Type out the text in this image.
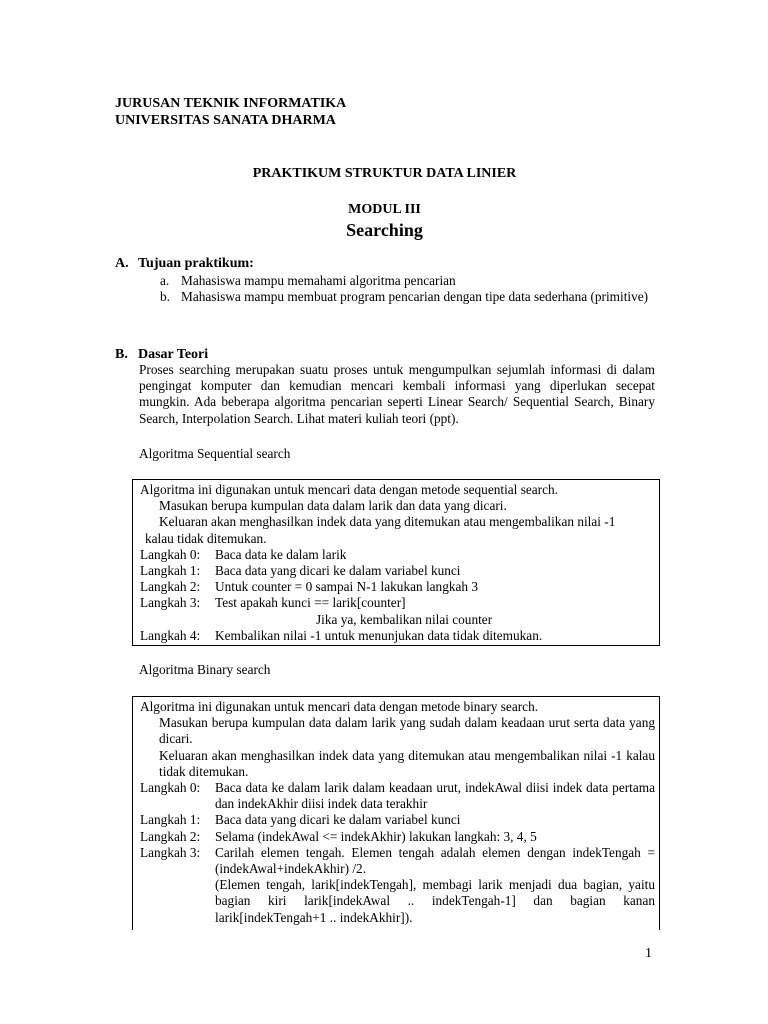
JURUSAN TEKNIK INFORMATIKA
UNIVERSITAS SANATA DHARMA
PRAKTIKUM STRUKTUR DATA LINIER
MODUL III
Searching
A. Tujuan praktikum:
a. Mahasiswa mampu memahami algoritma pencarian
b. Mahasiswa mampu membuat program pencarian dengan tipe data sederhana (primitive)
B. Dasar Teori
Proses searching merupakan suatu proses untuk mengumpulkan sejumlah informasi di dalam pengingat komputer dan kemudian mencari kembali informasi yang diperlukan secepat mungkin. Ada beberapa algoritma pencarian seperti Linear Search/ Sequential Search, Binary Search, Interpolation Search. Lihat materi kuliah teori (ppt).
Algoritma Sequential search
Algoritma ini digunakan untuk mencari data dengan metode sequential search.
Masukan berupa kumpulan data dalam larik dan data yang dicari.
Keluaran akan menghasilkan indek data yang ditemukan atau mengembalikan nilai -1
kalau tidak ditemukan.
Langkah 0:	Baca data ke dalam larik
Langkah 1:	Baca data yang dicari ke dalam variabel kunci
Langkah 2:	Untuk counter = 0 sampai N-1 lakukan langkah 3
Langkah 3:	Test apakah kunci == larik[counter]
Jika ya, kembalikan nilai counter
Langkah 4:	Kembalikan nilai -1 untuk menunjukan data tidak ditemukan.
Algoritma Binary search
Algoritma ini digunakan untuk mencari data dengan metode binary search.
Masukan berupa kumpulan data dalam larik yang sudah dalam keadaan urut serta data yang dicari.
Keluaran akan menghasilkan indek data yang ditemukan atau mengembalikan nilai -1 kalau tidak ditemukan.
Langkah 0:	Baca data ke dalam larik dalam keadaan urut, indekAwal diisi indek data pertama dan indekAkhir diisi indek data terakhir
Langkah 1:	Baca data yang dicari ke dalam variabel kunci
Langkah 2:	Selama (indekAwal <= indekAkhir) lakukan langkah: 3, 4, 5
Langkah 3:	Carilah elemen tengah. Elemen tengah adalah elemen dengan indekTengah = (indekAwal+indekAkhir) /2.
(Elemen tengah, larik[indekTengah], membagi larik menjadi dua bagian, yaitu bagian kiri larik[indekAwal .. indekTengah-1] dan bagian kanan larik[indekTengah+1 .. indekAkhir]).
1
